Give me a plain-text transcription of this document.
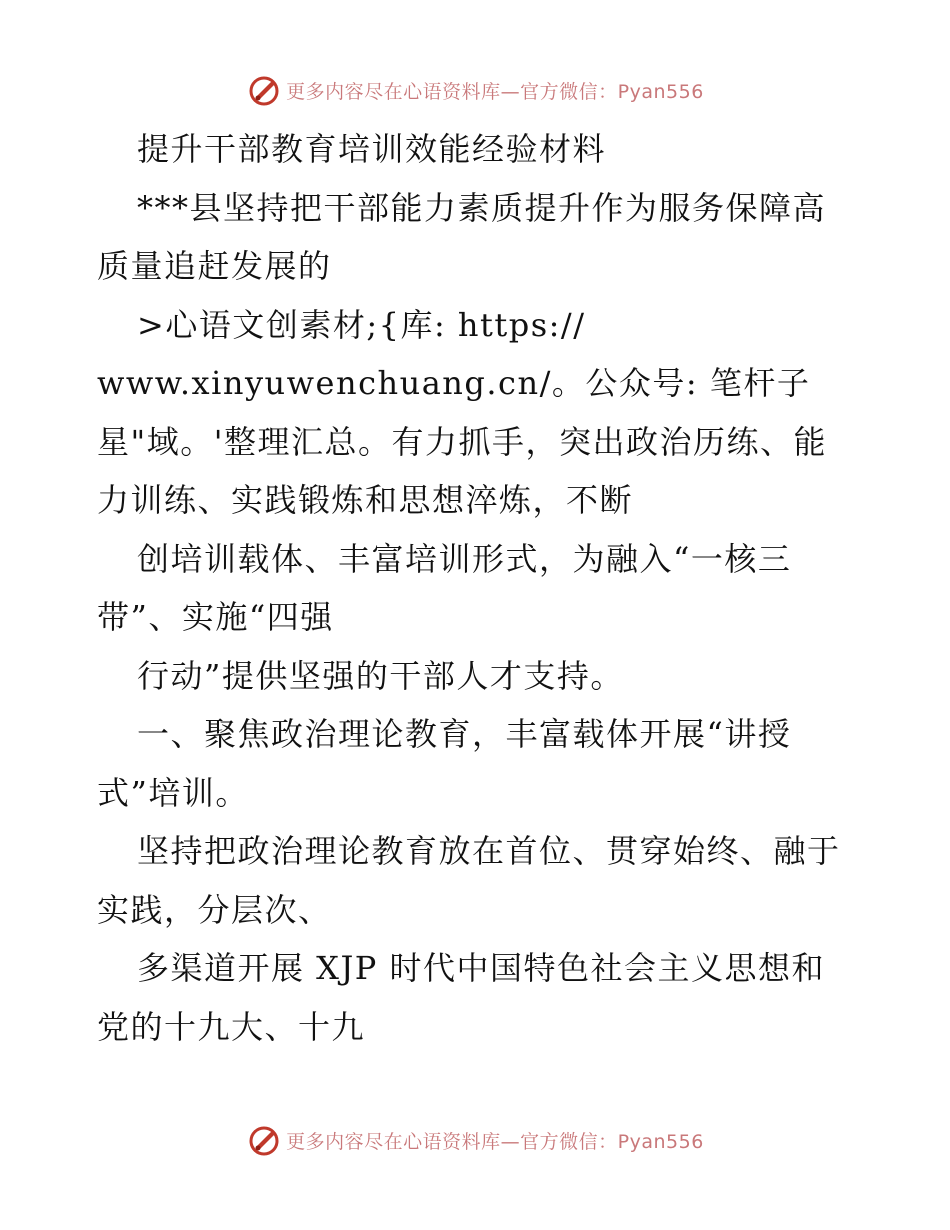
更多内容尽在心语资料库—官方微信：Pyan556
提升干部教育培训效能经验材料
***县坚持把干部能力素质提升作为服务保障高
质量追赶发展的
>心语文创素材;{库: https://
www.xinyuwenchuang.cn/。公众号: 笔杆子
星"域。'整理汇总。有力抓手，突出政治历练、能
力训练、实践锻炼和思想淬炼，不断
创培训载体、丰富培训形式，为融入“一核三
带”、实施“四强
行动”提供坚强的干部人才支持。
一、聚焦政治理论教育，丰富载体开展“讲授
式”培训。
坚持把政治理论教育放在首位、贯穿始终、融于
实践，分层次、
多渠道开展 XJP 时代中国特色社会主义思想和
党的十九大、十九
更多内容尽在心语资料库—官方微信：Pyan556
